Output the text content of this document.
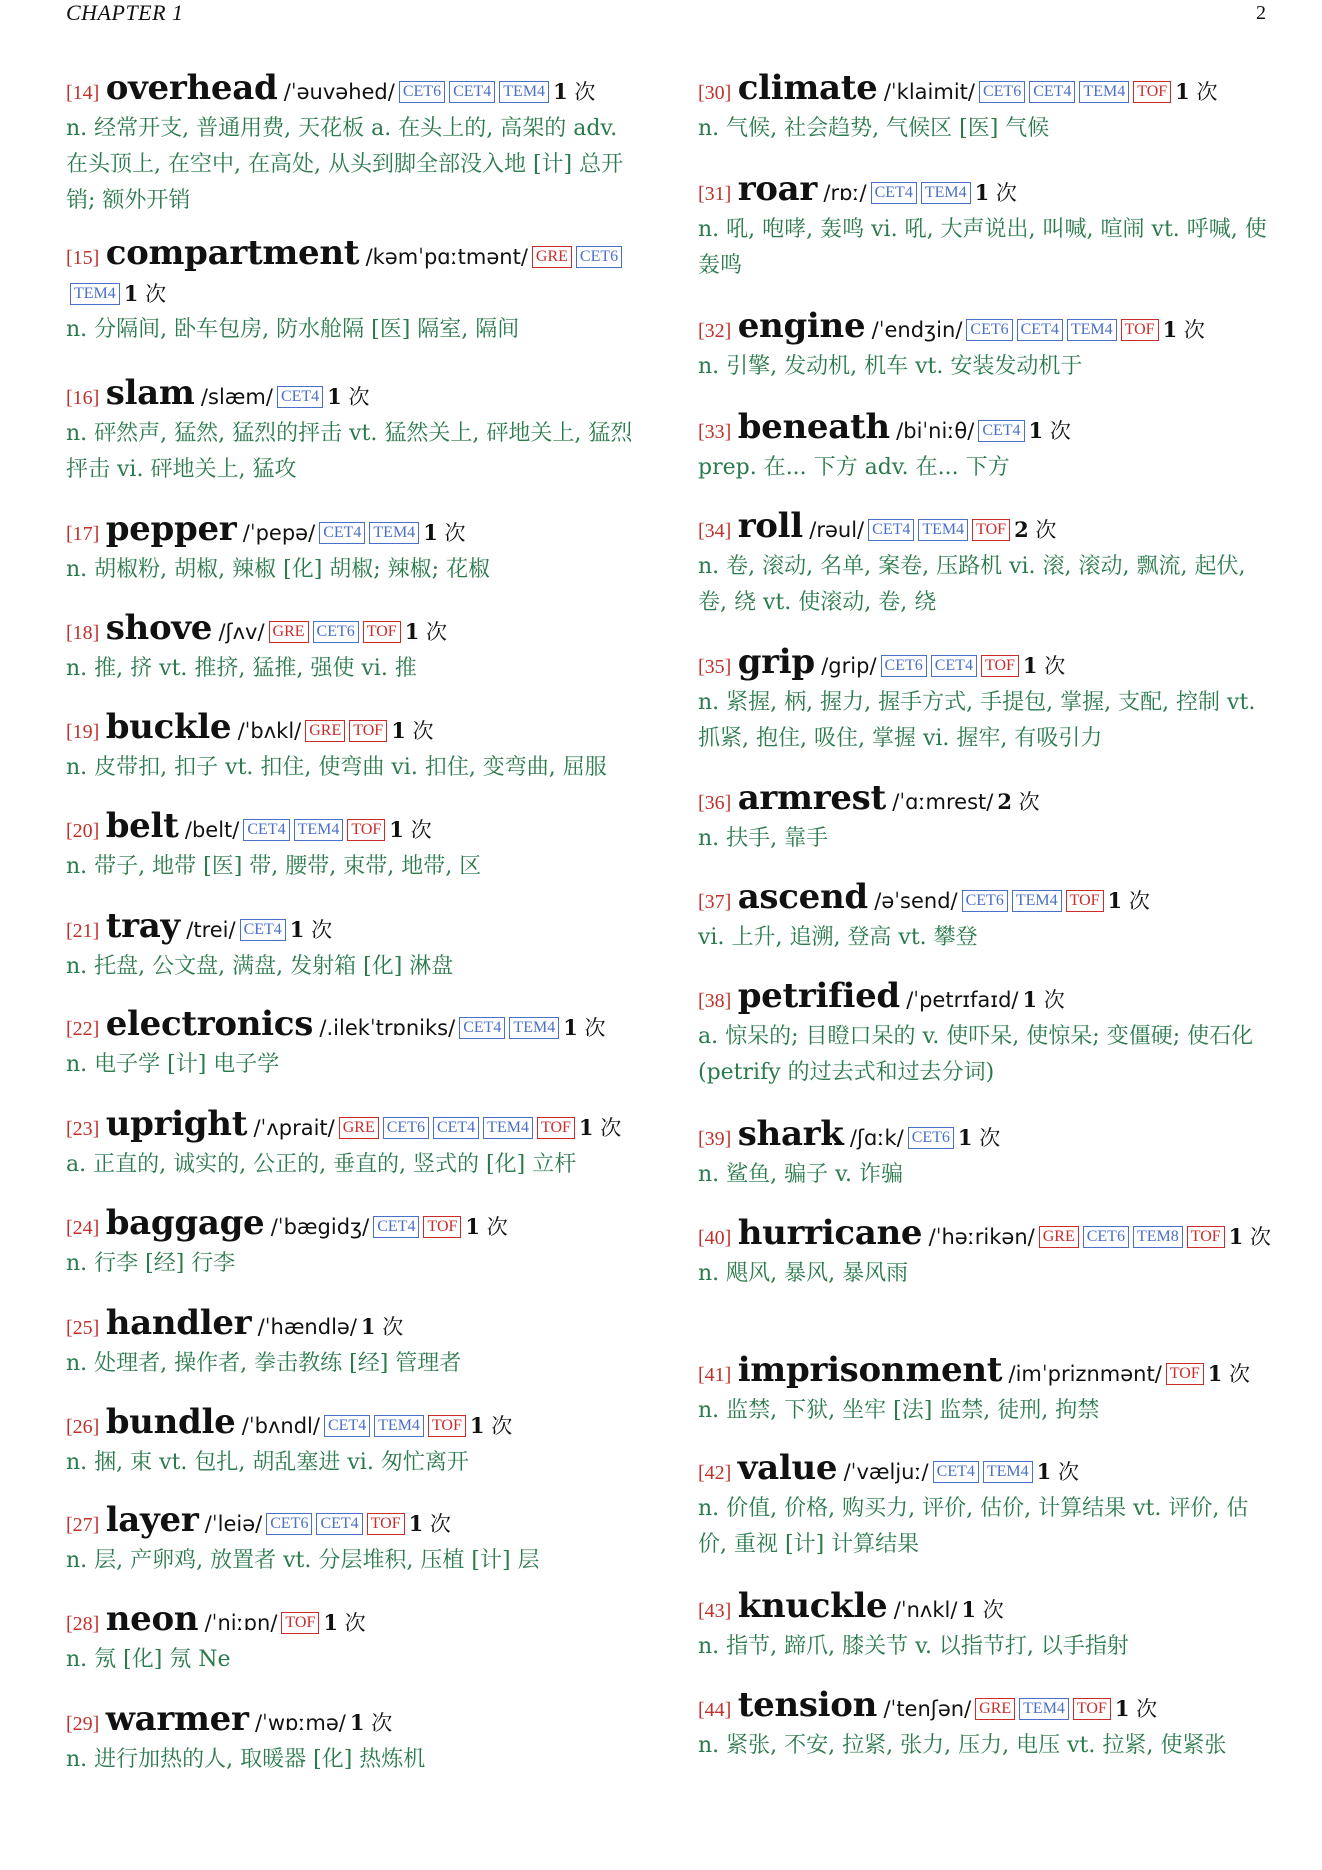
CHAPTER 1	2
[14] overhead /ˈəuvəhed/ CET6 CET4 TEM4 1 次
n. 经常开支, 普通用费, 天花板 a. 在头上的, 高架的 adv. 在头顶上, 在空中, 在高处, 从头到脚全部没入地 [计] 总开销; 额外开销
[15] compartment /kəmˈpɑːtmənt/ GRE CET6TEM4 1 次
n. 分隔间, 卧车包房, 防水舱隔 [医] 隔室, 隔间
[16] slam /slæm/ CET4 1 次
n. 砰然声, 猛然, 猛烈的抨击 vt. 猛然关上, 砰地关上, 猛烈抨击 vi. 砰地关上, 猛攻
[17] pepper /ˈpepə/ CET4 TEM4 1 次
n. 胡椒粉, 胡椒, 辣椒 [化] 胡椒; 辣椒; 花椒
[18] shove /ʃʌv/ GRE CET6 TOF 1 次
n. 推, 挤 vt. 推挤, 猛推, 强使 vi. 推
[19] buckle /ˈbʌkl/ GRE TOF 1 次
n. 皮带扣, 扣子 vt. 扣住, 使弯曲 vi. 扣住, 变弯曲, 屈服
[20] belt /belt/ CET4 TEM4 TOF 1 次
n. 带子, 地带 [医] 带, 腰带, 束带, 地带, 区
[21] tray /trei/ CET4 1 次
n. 托盘, 公文盘, 满盘, 发射箱 [化] 淋盘
[22] electronics /.ilekˈtrɒniks/ CET4 TEM4 1 次
n. 电子学 [计] 电子学
[23] upright /ˈʌprait/ GRE CET6 CET4 TEM4 TOF 1 次
a. 正直的, 诚实的, 公正的, 垂直的, 竖式的 [化] 立杆
[24] baggage /ˈbægidʒ/ CET4 TOF 1 次
n. 行李 [经] 行李
[25] handler /ˈhændlə/ 1 次
n. 处理者, 操作者, 拳击教练 [经] 管理者
[26] bundle /ˈbʌndl/ CET4 TEM4 TOF 1 次
n. 捆, 束 vt. 包扎, 胡乱塞进 vi. 匆忙离开
[27] layer /ˈleiə/ CET6 CET4 TOF 1 次
n. 层, 产卵鸡, 放置者 vt. 分层堆积, 压植 [计] 层
[28] neon /ˈniːɒn/ TOF 1 次
n. 氖 [化] 氖 Ne
[29] warmer /ˈwɒːmə/ 1 次
n. 进行加热的人, 取暖器 [化] 热炼机
[30] climate /ˈklaimit/ CET6 CET4 TEM4 TOF 1 次
n. 气候, 社会趋势, 气候区 [医] 气候
[31] roar /rɒː/ CET4 TEM4 1 次
n. 吼, 咆哮, 轰鸣 vi. 吼, 大声说出, 叫喊, 喧闹 vt. 呼喊, 使轰鸣
[32] engine /ˈendʒin/ CET6 CET4 TEM4 TOF 1 次
n. 引擎, 发动机, 机车 vt. 安装发动机于
[33] beneath /biˈniːθ/ CET4 1 次
prep. 在... 下方 adv. 在... 下方
[34] roll /rəul/ CET4 TEM4 TOF 2 次
n. 卷, 滚动, 名单, 案卷, 压路机 vi. 滚, 滚动, 飘流, 起伏, 卷, 绕 vt. 使滚动, 卷, 绕
[35] grip /grip/ CET6 CET4 TOF 1 次
n. 紧握, 柄, 握力, 握手方式, 手提包, 掌握, 支配, 控制 vt. 抓紧, 抱住, 吸住, 掌握 vi. 握牢, 有吸引力
[36] armrest /ˈɑːmrest/ 2 次
n. 扶手, 靠手
[37] ascend /əˈsend/ CET6 TEM4 TOF 1 次
vi. 上升, 追溯, 登高 vt. 攀登
[38] petrified /ˈpetrɪfaɪd/ 1 次
a. 惊呆的; 目瞪口呆的 v. 使吓呆, 使惊呆; 变僵硬; 使石化 (petrify 的过去式和过去分词)
[39] shark /ʃɑːk/ CET6 1 次
n. 鲨鱼, 骗子 v. 诈骗
[40] hurricane /ˈhəːrikən/ GRE CET6 TEM8 TOF 1 次
n. 飓风, 暴风, 暴风雨
[41] imprisonment /imˈpriznmənt/ TOF 1 次
n. 监禁, 下狱, 坐牢 [法] 监禁, 徒刑, 拘禁
[42] value /ˈvæljuː/ CET4 TEM4 1 次
n. 价值, 价格, 购买力, 评价, 估价, 计算结果 vt. 评价, 估价, 重视 [计] 计算结果
[43] knuckle /ˈnʌkl/ 1 次
n. 指节, 蹄爪, 膝关节 v. 以指节打, 以手指射
[44] tension /ˈtenʃən/ GRE TEM4 TOF 1 次
n. 紧张, 不安, 拉紧, 张力, 压力, 电压 vt. 拉紧, 使紧张
